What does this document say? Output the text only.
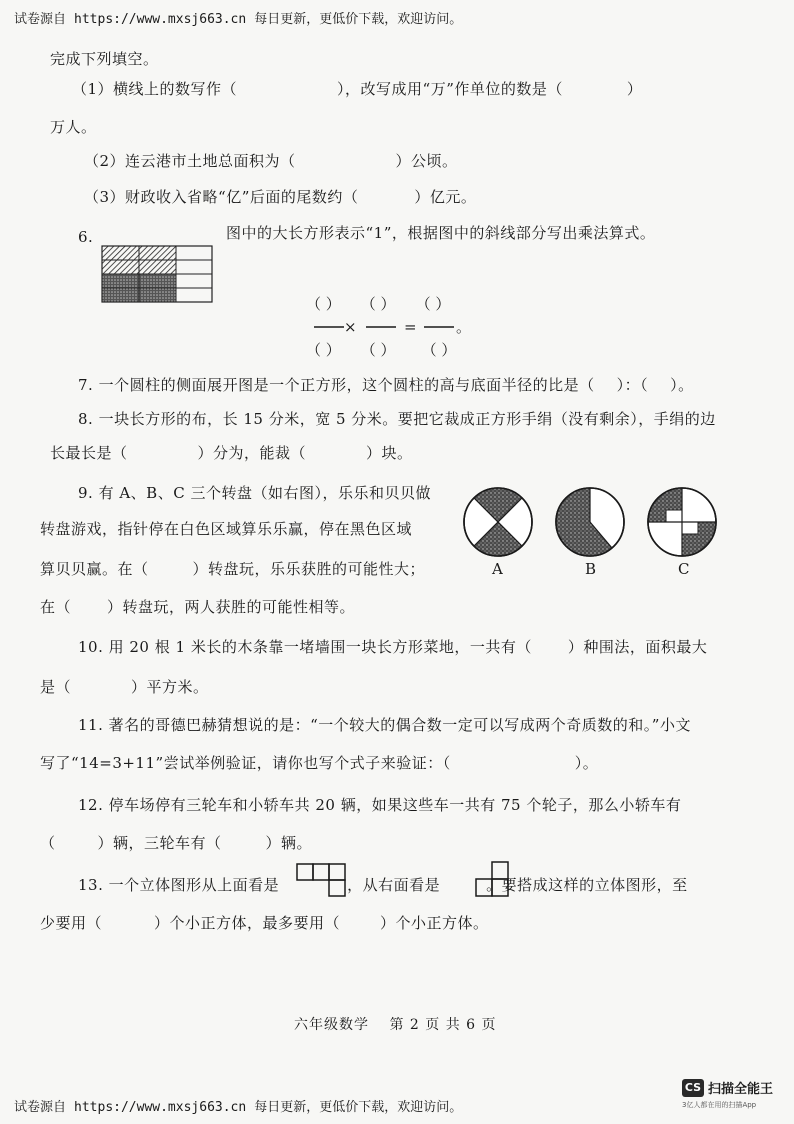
试卷源自 https://www.mxsj663.cn 每日更新，更低价下载，欢迎访问。
完成下列填空。
（1）横线上的数写作（	），改写成用“万”作单位的数是（	）
万人。
（2）连云港市土地总面积为（	）公顷。
（3）财政收入省略“亿”后面的尾数约（	）亿元。
6.	图中的大长方形表示“1”，根据图中的斜线部分写出乘法算式。
（ ） （ ） （ ）
×	=	。
（ ） （ ） （ ）
7. 一个圆柱的侧面展开图是一个正方形，这个圆柱的高与底面半径的比是（ ）：（ ）。
8. 一块长方形的布，长 15 分米，宽 5 分米。要把它裁成正方形手绢（没有剩余），手绢的边
长最长是（	）分为，能裁（	）块。
9. 有 A、B、C 三个转盘（如右图），乐乐和贝贝做
转盘游戏，指针停在白色区域算乐乐赢，停在黑色区域
算贝贝赢。在（	）转盘玩，乐乐获胜的可能性大；
在（ ）转盘玩，两人获胜的可能性相等。
A	B	C
10. 用 20 根 1 米长的木条靠一堵墙围一块长方形菜地，一共有（ ）种围法，面积最大
是（	）平方米。
11. 著名的哥德巴赫猜想说的是：“一个较大的偶合数一定可以写成两个奇质数的和。”小文
写了“14=3+11”尝试举例验证，请你也写个式子来验证：（	）。
12. 停车场停有三轮车和小轿车共 20 辆，如果这些车一共有 75 个轮子，那么小轿车有
（	）辆，三轮车有（	）辆。
13. 一个立体图形从上面看是	，从右面看是	。要搭成这样的立体图形，至
少要用（	）个小正方体，最多要用（	）个小正方体。
六年级数学　 第 2 页 共 6 页
试卷源自 https://www.mxsj663.cn 每日更新，更低价下载，欢迎访问。
CS 扫描全能王
3亿人都在用的扫描App
